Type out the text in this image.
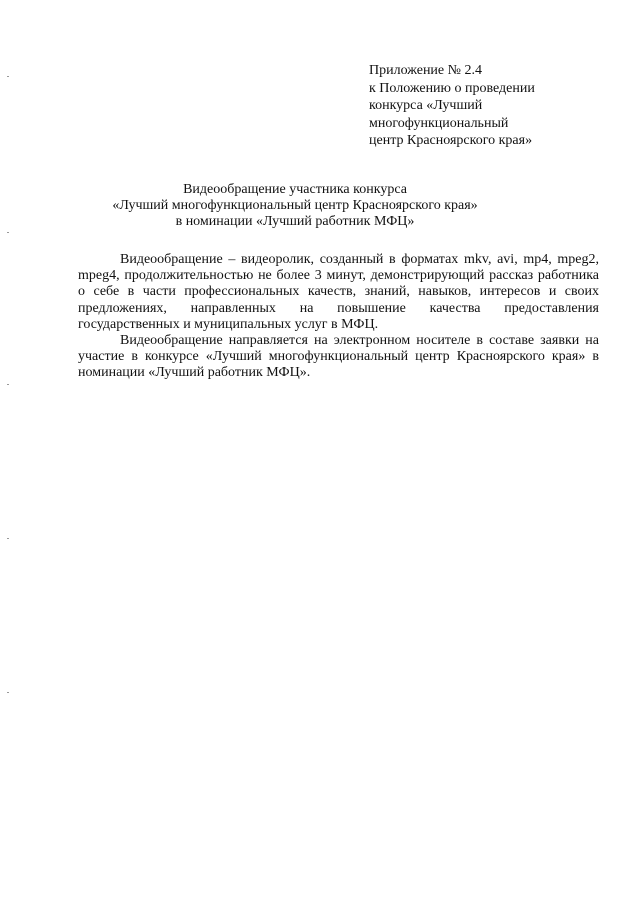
Приложение № 2.4
к Положению о проведении
конкурса «Лучший
многофункциональный
центр Красноярского края»
Видеообращение участника конкурса
«Лучший многофункциональный центр Красноярского края»
в номинации «Лучший работник МФЦ»

Видеообращение – видеоролик, созданный в форматах mkv, avi, mp4, mpeg2, mpeg4, продолжительностью не более 3 минут, демонстрирующий рассказ работника о себе в части профессиональных качеств, знаний, навыков, интересов и своих предложениях, направленных на повышение качества предоставления государственных и муниципальных услуг в МФЦ.

Видеообращение направляется на электронном носителе в составе заявки на участие в конкурсе «Лучший многофункциональный центр Красноярского края» в номинации «Лучший работник МФЦ».
